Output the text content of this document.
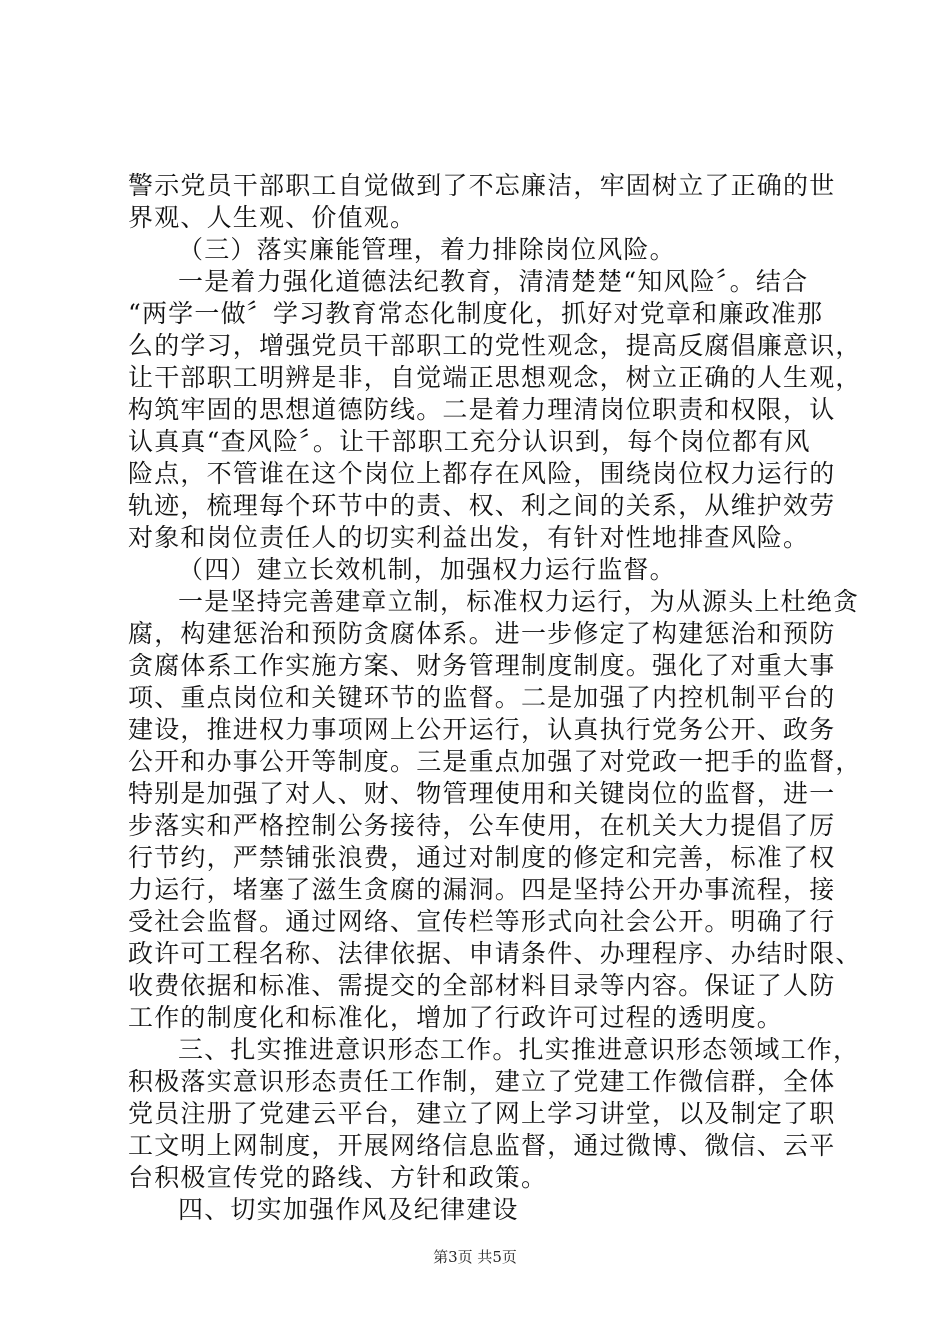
警示党员干部职工自觉做到了不忘廉洁，牢固树立了正确的世
界观、人生观、价值观。
（三）落实廉能管理，着力排除岗位风险。
一是着力强化道德法纪教育，清清楚楚“知风险〞。结合
“两学一做〞学习教育常态化制度化，抓好对党章和廉政准那
么的学习，增强党员干部职工的党性观念，提高反腐倡廉意识，
让干部职工明辨是非，自觉端正思想观念，树立正确的人生观，
构筑牢固的思想道德防线。二是着力理清岗位职责和权限，认
认真真“查风险〞。让干部职工充分认识到，每个岗位都有风
险点，不管谁在这个岗位上都存在风险，围绕岗位权力运行的
轨迹，梳理每个环节中的责、权、利之间的关系，从维护效劳
对象和岗位责任人的切实利益出发，有针对性地排查风险。
（四）建立长效机制，加强权力运行监督。
一是坚持完善建章立制，标准权力运行，为从源头上杜绝贪
腐，构建惩治和预防贪腐体系。进一步修定了构建惩治和预防
贪腐体系工作实施方案、财务管理制度制度。强化了对重大事
项、重点岗位和关键环节的监督。二是加强了内控机制平台的
建设，推进权力事项网上公开运行，认真执行党务公开、政务
公开和办事公开等制度。三是重点加强了对党政一把手的监督，
特别是加强了对人、财、物管理使用和关键岗位的监督，进一
步落实和严格控制公务接待，公车使用，在机关大力提倡了厉
行节约，严禁铺张浪费，通过对制度的修定和完善，标准了权
力运行，堵塞了滋生贪腐的漏洞。四是坚持公开办事流程，接
受社会监督。通过网络、宣传栏等形式向社会公开。明确了行
政许可工程名称、法律依据、申请条件、办理程序、办结时限、
收费依据和标准、需提交的全部材料目录等内容。保证了人防
工作的制度化和标准化，增加了行政许可过程的透明度。
三、扎实推进意识形态工作。扎实推进意识形态领域工作，
积极落实意识形态责任工作制，建立了党建工作微信群，全体
党员注册了党建云平台，建立了网上学习讲堂，以及制定了职
工文明上网制度，开展网络信息监督，通过微博、微信、云平
台积极宣传党的路线、方针和政策。
四、切实加强作风及纪律建设
第3页 共5页
